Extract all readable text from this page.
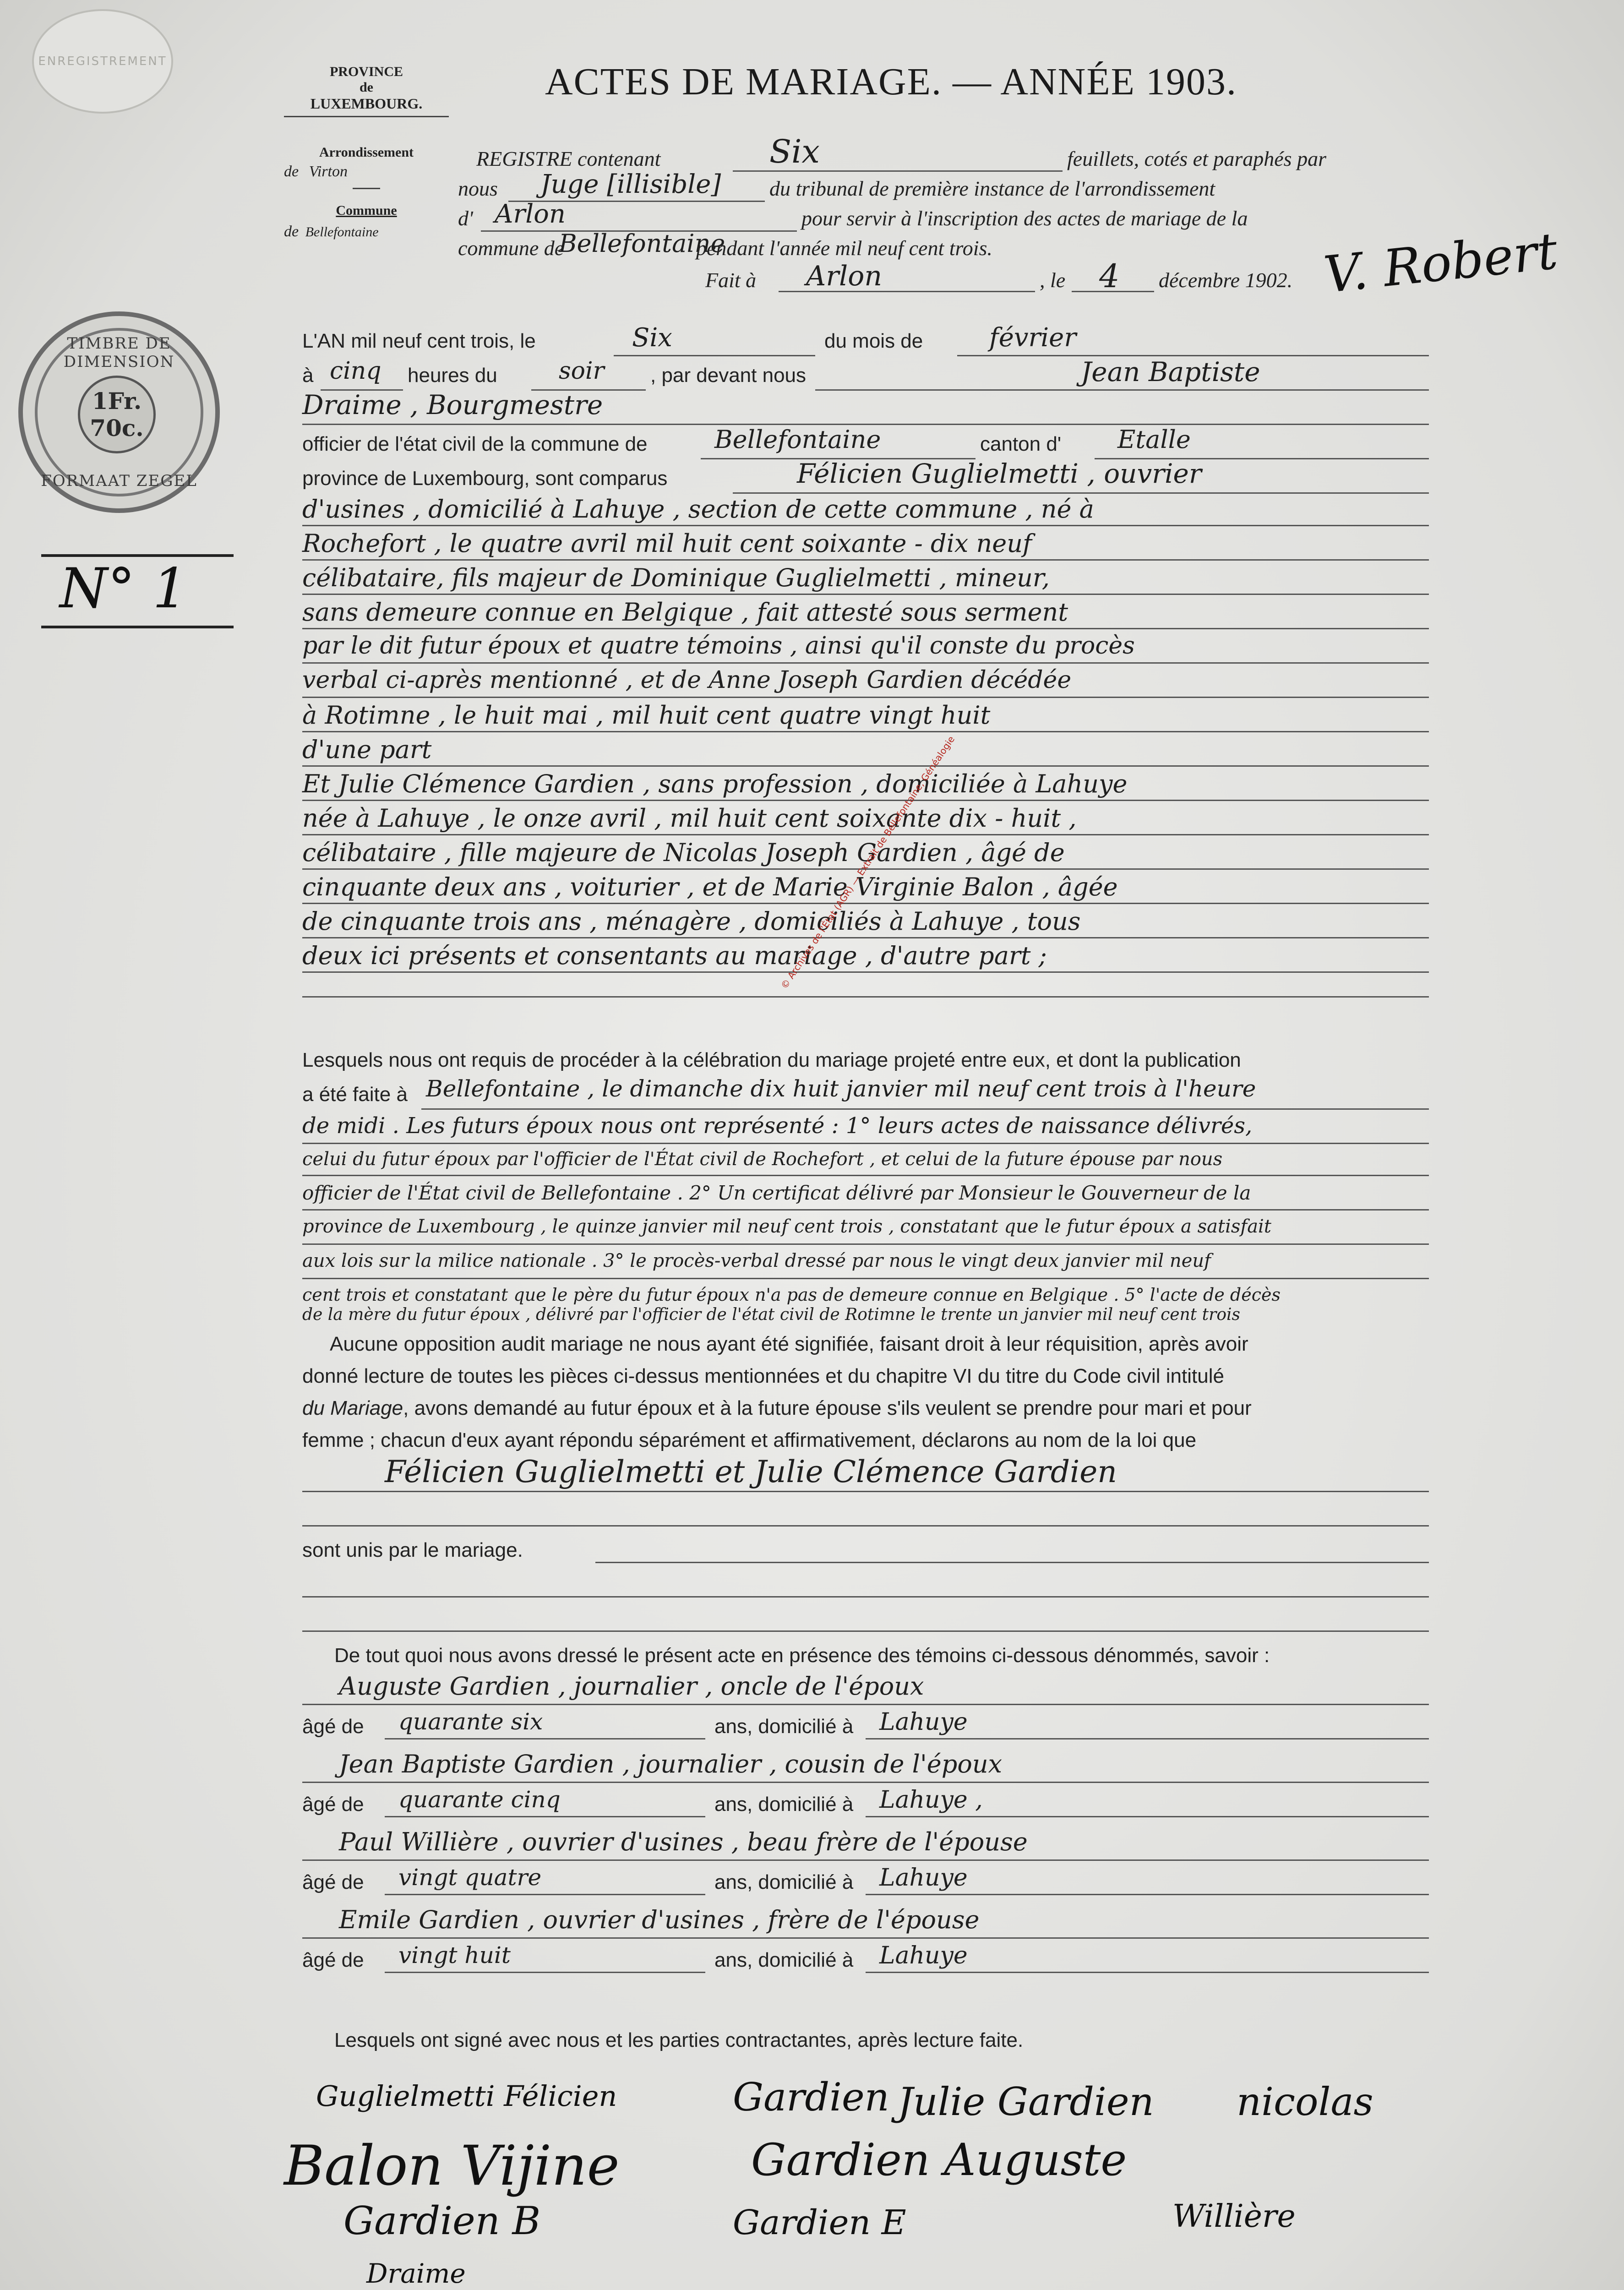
ENREGISTREMENT
TIMBRE DE DIMENSION
1Fr.
70c.
FORMAAT ZEGEL
PROVINCE
de
LUXEMBOURG.
Arrondissement
de Virton
Commune
de Bellefontaine
N° 1
ACTES DE MARIAGE. — ANNÉE 1903.
REGISTRE contenant	Six	feuillets, cotés et paraphés par
nous Juge [illisible] du tribunal de première instance de l'arrondissement
d' Arlon	pour servir à l'inscription des actes de mariage de la
commune de
Bellefontaine
pendant l'année mil neuf cent trois.
Fait à Arlon	, le 4 décembre 1902. V. Robert
L'AN mil neuf cent trois, le	Six	du mois de	février
à cinq heures du	soir , par devant nous	Jean Baptiste
Draime , Bourgmestre
officier de l'état civil de la commune de	Bellefontaine	canton d' Etalle
province de Luxembourg, sont comparus	Félicien Guglielmetti , ouvrier
d'usines , domicilié à Lahuye , section de cette commune , né à
Rochefort , le quatre avril mil huit cent soixante - dix neuf
célibataire, fils majeur de Dominique Guglielmetti , mineur,
sans demeure connue en Belgique , fait attesté sous serment
par le dit futur époux et quatre témoins , ainsi qu'il conste du procès
verbal ci-après mentionné , et de Anne Joseph Gardien décédée
à Rotimne , le huit mai , mil huit cent quatre vingt huit
d'une part
Et Julie Clémence Gardien , sans profession , domiciliée à Lahuye
née à Lahuye , le onze avril , mil huit cent soixante dix - huit ,
célibataire , fille majeure de Nicolas Joseph Gardien , âgé de
cinquante deux ans , voiturier , et de Marie Virginie Balon , âgée
de cinquante trois ans , ménagère , domiciliés à Lahuye , tous
deux ici présents et consentants au mariage , d'autre part ;
© Archives de l'État (AGR) — Extrait de Bellefontaine, Généalogie
Lesquels nous ont requis de procéder à la célébration du mariage projeté entre eux, et dont la publication
a été faite à Bellefontaine , le dimanche dix huit janvier mil neuf cent trois à l'heure
de midi . Les futurs époux nous ont représenté : 1° leurs actes de naissance délivrés,
celui du futur époux par l'officier de l'État civil de Rochefort , et celui de la future épouse par nous
officier de l'État civil de Bellefontaine . 2° Un certificat délivré par Monsieur le Gouverneur de la
province de Luxembourg , le quinze janvier mil neuf cent trois , constatant que le futur époux a satisfait
aux lois sur la milice nationale . 3° le procès-verbal dressé par nous le vingt deux janvier mil neuf
cent trois et constatant que le père du futur époux n'a pas de demeure connue en Belgique . 5° l'acte de décès
de la mère du futur époux , délivré par l'officier de l'état civil de Rotimne le trente un janvier mil neuf cent trois
Aucune opposition audit mariage ne nous ayant été signifiée, faisant droit à leur réquisition, après avoir
donné lecture de toutes les pièces ci-dessus mentionnées et du chapitre VI du titre du Code civil intitulé
du Mariage, avons demandé au futur époux et à la future épouse s'ils veulent se prendre pour mari et pour
femme ; chacun d'eux ayant répondu séparément et affirmativement, déclarons au nom de la loi que
Félicien Guglielmetti et Julie Clémence Gardien
sont unis par le mariage.
De tout quoi nous avons dressé le présent acte en présence des témoins ci-dessous dénommés, savoir :
Auguste Gardien , journalier , oncle de l'époux
âgé de quarante six	ans, domicilié à Lahuye
Jean Baptiste Gardien , journalier , cousin de l'époux
âgé de quarante cinq	ans, domicilié à Lahuye ,
Paul Willière , ouvrier d'usines , beau frère de l'épouse
âgé de vingt quatre	ans, domicilié à Lahuye
Emile Gardien , ouvrier d'usines , frère de l'épouse
âgé de vingt huit	ans, domicilié à Lahuye
Lesquels ont signé avec nous et les parties contractantes, après lecture faite.
Guglielmetti Félicien	Gardien Julie Gardien nicolas
Balon Vijine	Gardien Auguste
Gardien B	Gardien E	Willière
Draime
